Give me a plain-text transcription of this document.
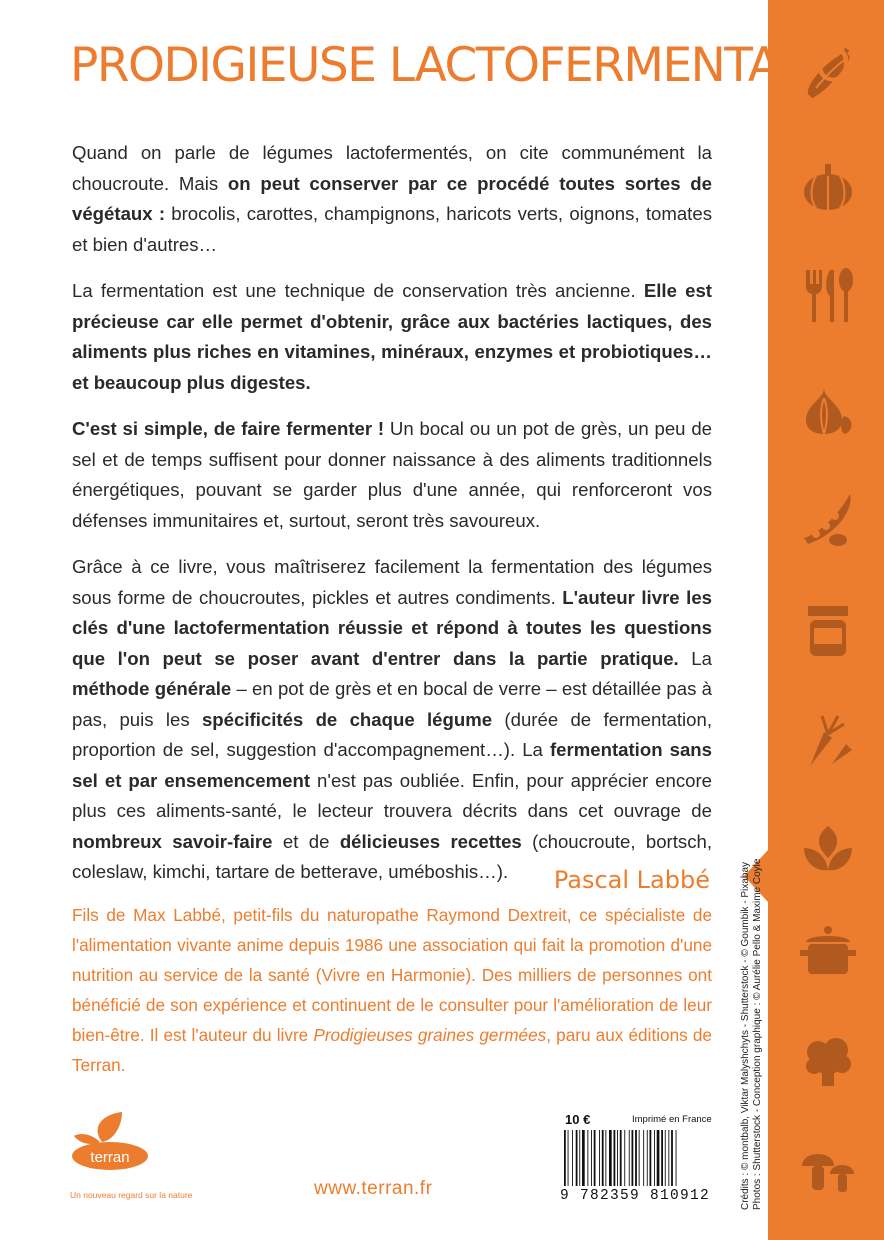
PRODIGIEUSE LACTOFERMENTATION

Quand on parle de légumes lactofermentés, on cite communément la choucroute. Mais on peut conserver par ce procédé toutes sortes de végétaux : brocolis, carottes, champignons, haricots verts, oignons, tomates et bien d'autres…

La fermentation est une technique de conservation très ancienne. Elle est précieuse car elle permet d'obtenir, grâce aux bactéries lactiques, des aliments plus riches en vitamines, minéraux, enzymes et probiotiques… et beaucoup plus digestes.

C'est si simple, de faire fermenter ! Un bocal ou un pot de grès, un peu de sel et de temps suffisent pour donner naissance à des aliments traditionnels énergétiques, pouvant se garder plus d'une année, qui renforceront vos défenses immunitaires et, surtout, seront très savoureux.

Grâce à ce livre, vous maîtriserez facilement la fermentation des légumes sous forme de choucroutes, pickles et autres condiments. L'auteur livre les clés d'une lactofermentation réussie et répond à toutes les questions que l'on peut se poser avant d'entrer dans la partie pratique. La méthode générale – en pot de grès et en bocal de verre – est détaillée pas à pas, puis les spécificités de chaque légume (durée de fermentation, proportion de sel, suggestion d'accompagnement…). La fermentation sans sel et par ensemencement n'est pas oubliée. Enfin, pour apprécier encore plus ces aliments-santé, le lecteur trouvera décrits dans cet ouvrage de nombreux savoir-faire et de délicieuses recettes (choucroute, bortsch, coleslaw, kimchi, tartare de betterave, uméboshis…).	Pascal Labbé
Fils de Max Labbé, petit-fils du naturopathe Raymond Dextreit, ce spécialiste de l'alimentation vivante anime depuis 1986 une association qui fait la promotion d'une nutrition au service de la santé (Vivre en Harmonie). Des milliers de personnes ont bénéficié de son expérience et continuent de le consulter pour l'amélioration de leur bien-être. Il est l'auteur du livre Prodigieuses graines germées, paru aux éditions de Terran.
terran
Un nouveau regard sur la nature	www.terran.fr
10 €	Imprimé en France
9 782359 810912	Crédits : © montbalb, Viktar Malyshchyts - Shutterstock - © Goumbik - Pixabay Photos : Shutterstock - Conception graphique : © Aurélie Pello & Maxime Coyle
